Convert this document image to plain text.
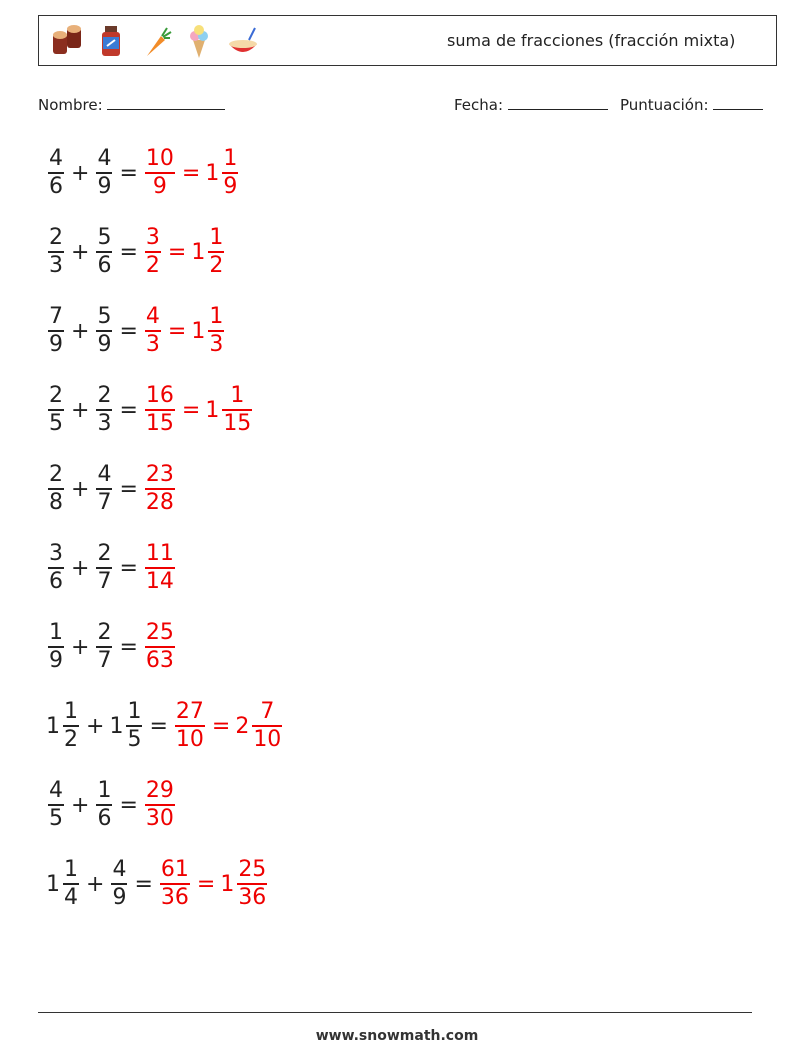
suma de fracciones (fracción mixta)
Nombre:	Fecha:	Puntuación:
$\frac{4}{6} + \frac{4}{9} = \frac{10}{9} = 1 \frac{1}{9}$
$\frac{2}{3} + \frac{5}{6} = \frac{3}{2} = 1 \frac{1}{2}$
$\frac{7}{9} + \frac{5}{9} = \frac{4}{3} = 1 \frac{1}{3}$
$\frac{2}{5} + \frac{2}{3} = \frac{16}{15} = 1 \frac{1}{15}$
$\frac{2}{8} + \frac{4}{7} = \frac{23}{28}$
$\frac{3}{6} + \frac{2}{7} = \frac{11}{14}$
$\frac{1}{9} + \frac{2}{7} = \frac{25}{63}$
$1 \frac{1}{2} + 1 \frac{1}{5} = \frac{27}{10} = 2 \frac{7}{10}$
$\frac{4}{5} + \frac{1}{6} = \frac{29}{30}$
$1 \frac{1}{4} + \frac{4}{9} = \frac{61}{36} = 1 \frac{25}{36}$
www.snowmath.com
